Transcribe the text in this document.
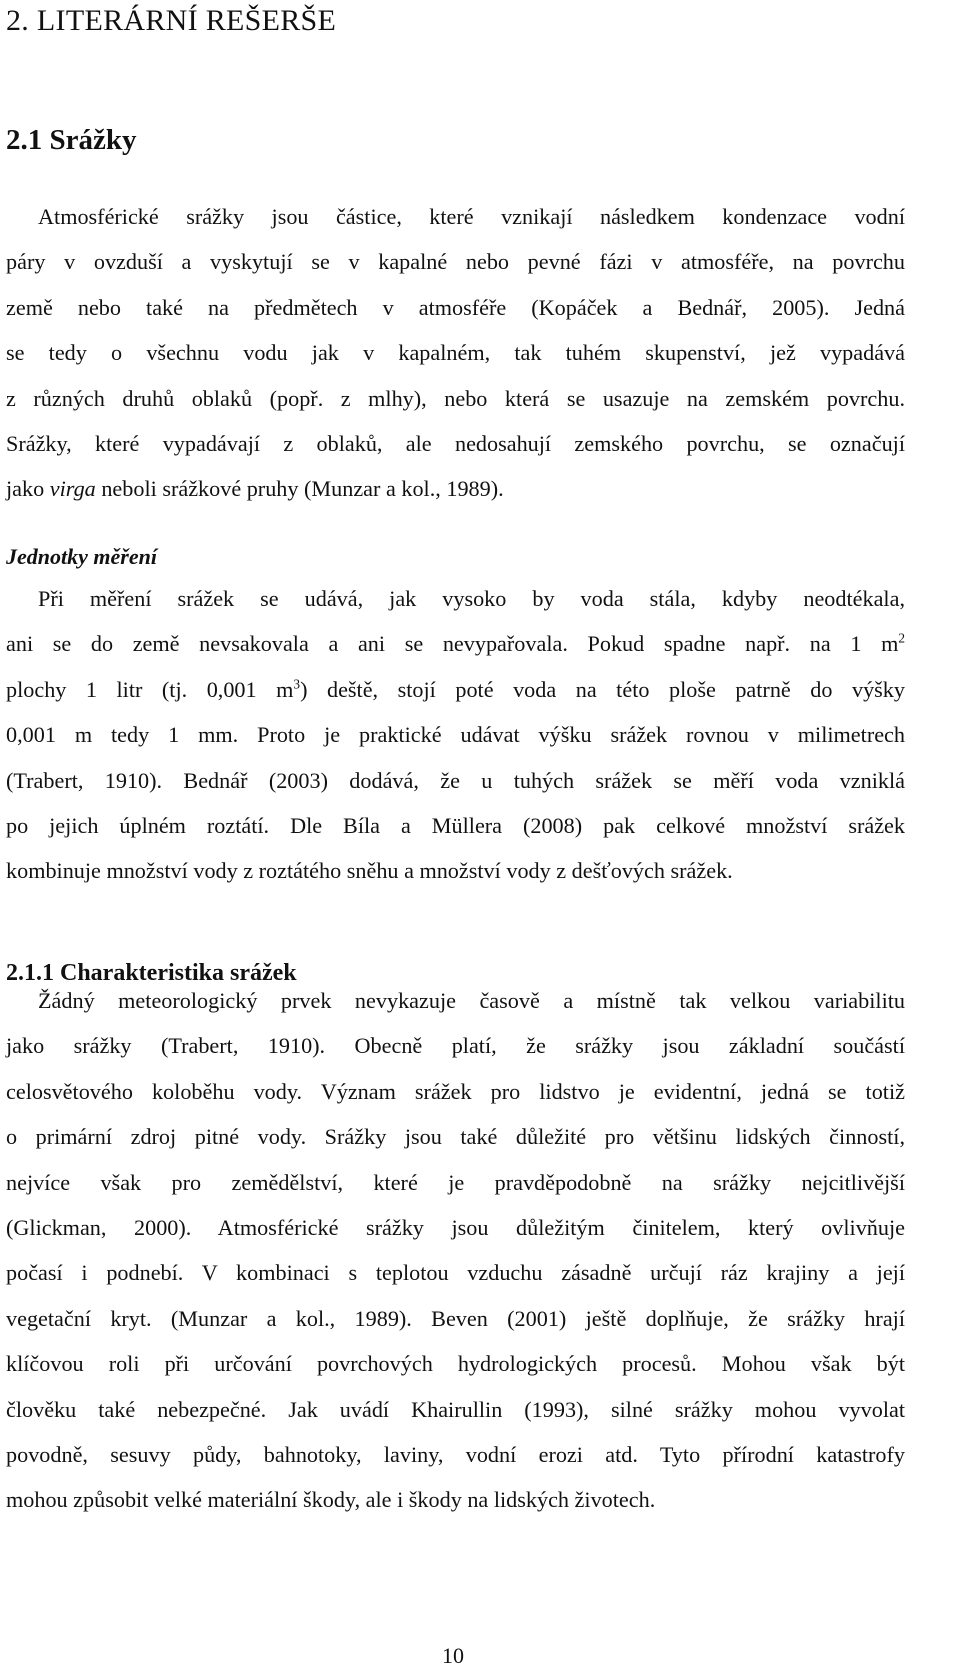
2. LITERÁRNÍ REŠERŠE
2.1 Srážky
Atmosférické srážky jsou částice, které vznikají následkem kondenzace vodní
páry v ovzduší a vyskytují se v kapalné nebo pevné fázi v atmosféře, na povrchu
země nebo také na předmětech v atmosféře (Kopáček a Bednář, 2005). Jedná
se tedy o všechnu vodu jak v kapalném, tak tuhém skupenství, jež vypadává
z různých druhů oblaků (popř. z mlhy), nebo která se usazuje na zemském povrchu.
Srážky, které vypadávají z oblaků, ale nedosahují zemského povrchu, se označují
jako virga neboli srážkové pruhy (Munzar a kol., 1989).
Jednotky měření
Při měření srážek se udává, jak vysoko by voda stála, kdyby neodtékala,
ani se do země nevsakovala a ani se nevypařovala. Pokud spadne např. na 1 $m^2$
plochy 1 litr (tj. 0,001 $m^3$) deště, stojí poté voda na této ploše patrně do výšky
0,001 m tedy 1 mm. Proto je praktické udávat výšku srážek rovnou v milimetrech
(Trabert, 1910). Bednář (2003) dodává, že u tuhých srážek se měří voda vzniklá
po jejich úplném roztátí. Dle Bíla a Müllera (2008) pak celkové množství srážek
kombinuje množství vody z roztátého sněhu a množství vody z dešťových srážek.
2.1.1 Charakteristika srážek
Žádný meteorologický prvek nevykazuje časově a místně tak velkou variabilitu
jako srážky (Trabert, 1910). Obecně platí, že srážky jsou základní součástí
celosvětového koloběhu vody. Význam srážek pro lidstvo je evidentní, jedná se totiž
o primární zdroj pitné vody. Srážky jsou také důležité pro většinu lidských činností,
nejvíce však pro zemědělství, které je pravděpodobně na srážky nejcitlivější
(Glickman, 2000). Atmosférické srážky jsou důležitým činitelem, který ovlivňuje
počasí i podnebí. V kombinaci s teplotou vzduchu zásadně určují ráz krajiny a její
vegetační kryt. (Munzar a kol., 1989). Beven (2001) ještě doplňuje, že srážky hrají
klíčovou roli při určování povrchových hydrologických procesů. Mohou však být
člověku také nebezpečné. Jak uvádí Khairullin (1993), silné srážky mohou vyvolat
povodně, sesuvy půdy, bahnotoky, laviny, vodní erozi atd. Tyto přírodní katastrofy
mohou způsobit velké materiální škody, ale i škody na lidských životech.
10
